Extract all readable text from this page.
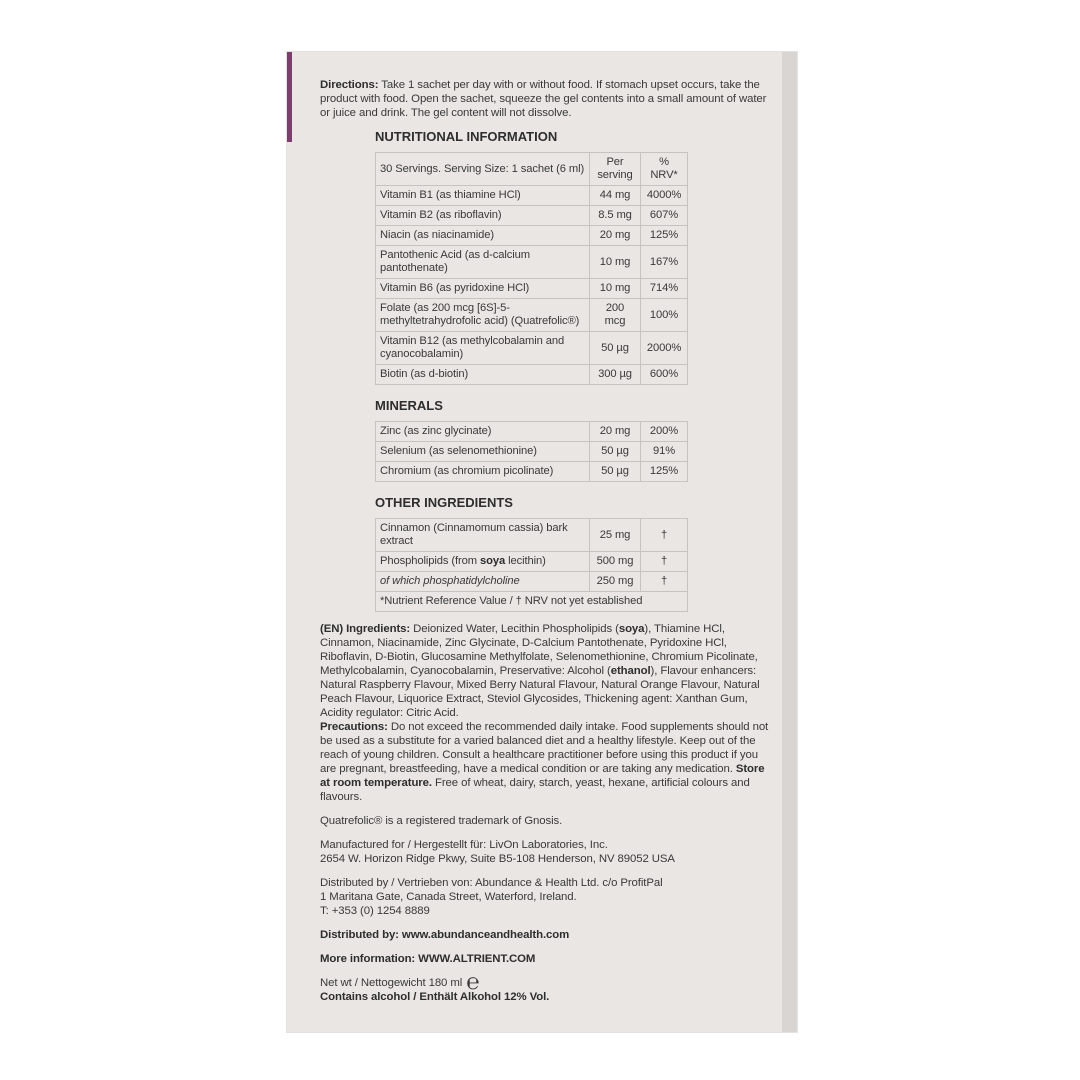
Directions: Take 1 sachet per day with or without food. If stomach upset occurs, take the product with food. Open the sachet, squeeze the gel contents into a small amount of water or juice and drink. The gel content will not dissolve.

NUTRITIONAL INFORMATION
30 Servings. Serving Size: 1 sachet (6 ml)	Per serving	% NRV*
Vitamin B1 (as thiamine HCl)	44 mg	4000%
Vitamin B2 (as riboflavin)	8.5 mg	607%
Niacin (as niacinamide)	20 mg	125%
Pantothenic Acid (as d-calcium pantothenate)	10 mg	167%
Vitamin B6 (as pyridoxine HCl)	10 mg	714%
Folate (as 200 mcg [6S]-5-methyltetrahydrofolic acid) (Quatrefolic®)	200 mcg	100%
Vitamin B12 (as methylcobalamin and cyanocobalamin)	50 µg	2000%
Biotin (as d-biotin)	300 µg	600%
MINERALS
Zinc (as zinc glycinate)	20 mg	200%
Selenium (as selenomethionine)	50 µg	91%
Chromium (as chromium picolinate)	50 µg	125%
OTHER INGREDIENTS
Cinnamon (Cinnamomum cassia) bark extract	25 mg	†
Phospholipids (from soya lecithin)	500 mg	†
of which phosphatidylcholine	250 mg	†
*Nutrient Reference Value / † NRV not yet established		

(EN) Ingredients: Deionized Water, Lecithin Phospholipids (soya), Thiamine HCl, Cinnamon, Niacinamide, Zinc Glycinate, D-Calcium Pantothenate, Pyridoxine HCl, Riboflavin, D-Biotin, Glucosamine Methylfolate, Selenomethionine, Chromium Picolinate, Methylcobalamin, Cyanocobalamin, Preservative: Alcohol (ethanol), Flavour enhancers: Natural Raspberry Flavour, Mixed Berry Natural Flavour, Natural Orange Flavour, Natural Peach Flavour, Liquorice Extract, Steviol Glycosides, Thickening agent: Xanthan Gum, Acidity regulator: Citric Acid.

Precautions: Do not exceed the recommended daily intake. Food supplements should not be used as a substitute for a varied balanced diet and a healthy lifestyle. Keep out of the reach of young children. Consult a healthcare practitioner before using this product if you are pregnant, breastfeeding, have a medical condition or are taking any medication. Store at room temperature. Free of wheat, dairy, starch, yeast, hexane, artificial colours and flavours.

Quatrefolic® is a registered trademark of Gnosis.

Manufactured for / Hergestellt für: LivOn Laboratories, Inc.
2654 W. Horizon Ridge Pkwy, Suite B5-108 Henderson, NV 89052 USA

Distributed by / Vertrieben von: Abundance & Health Ltd. c/o ProfitPal
1 Maritana Gate, Canada Street, Waterford, Ireland.
T: +353 (0) 1254 8889

Distributed by: www.abundanceandhealth.com

More information: WWW.ALTRIENT.COM

Net wt / Nettogewicht 180 ml ℮

Contains alcohol / Enthält Alkohol 12% Vol.
